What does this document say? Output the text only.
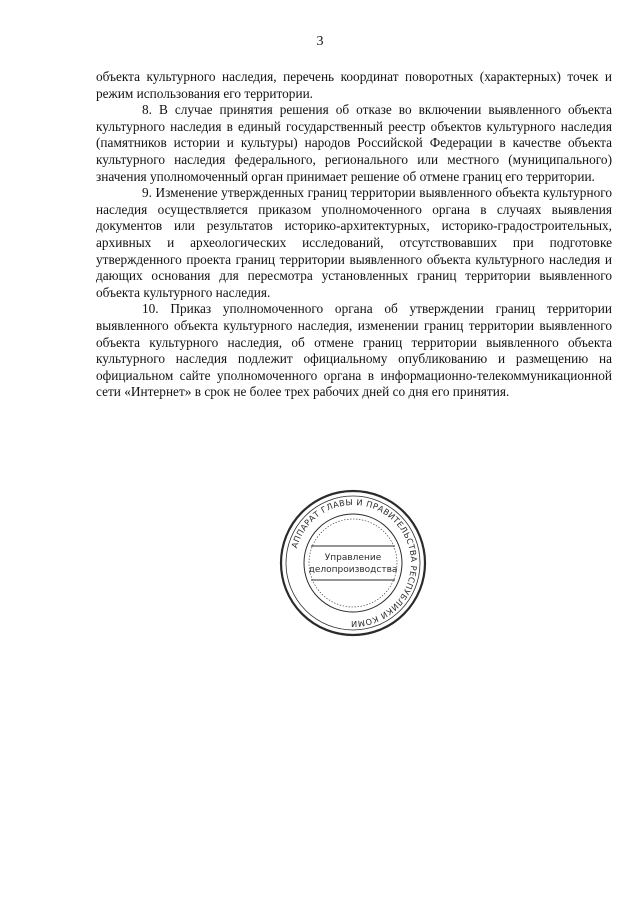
3

объекта культурного наследия, перечень координат поворотных (характерных) точек и режим использования его территории.

8. В случае принятия решения об отказе во включении выявленного объекта культурного наследия в единый государственный реестр объектов культурного наследия (памятников истории и культуры) народов Российской Федерации в качестве объекта культурного наследия федерального, регионального или местного (муниципального) значения уполномоченный орган принимает решение об отмене границ его территории.

9. Изменение утвержденных границ территории выявленного объекта культурного наследия осуществляется приказом уполномоченного органа в случаях выявления документов или результатов историко-архитектурных, историко-градостроительных, архивных и археологических исследований, отсутствовавших при подготовке утвержденного проекта границ территории выявленного объекта культурного наследия и дающих основания для пересмотра установленных границ территории выявленного объекта культурного наследия.

10. Приказ уполномоченного органа об утверждении границ территории выявленного объекта культурного наследия, изменении границ территории выявленного объекта культурного наследия, об отмене границ территории выявленного объекта культурного наследия подлежит официальному опубликованию и размещению на официальном сайте уполномоченного органа в информационно-телекоммуникационной сети «Интернет» в срок не более трех рабочих дней со дня его принятия.

АППАРАТ ГЛАВЫ И ПРАВИТЕЛЬСТВА РЕСПУБЛИКИ КОМИ
Управление
делопроизводства
